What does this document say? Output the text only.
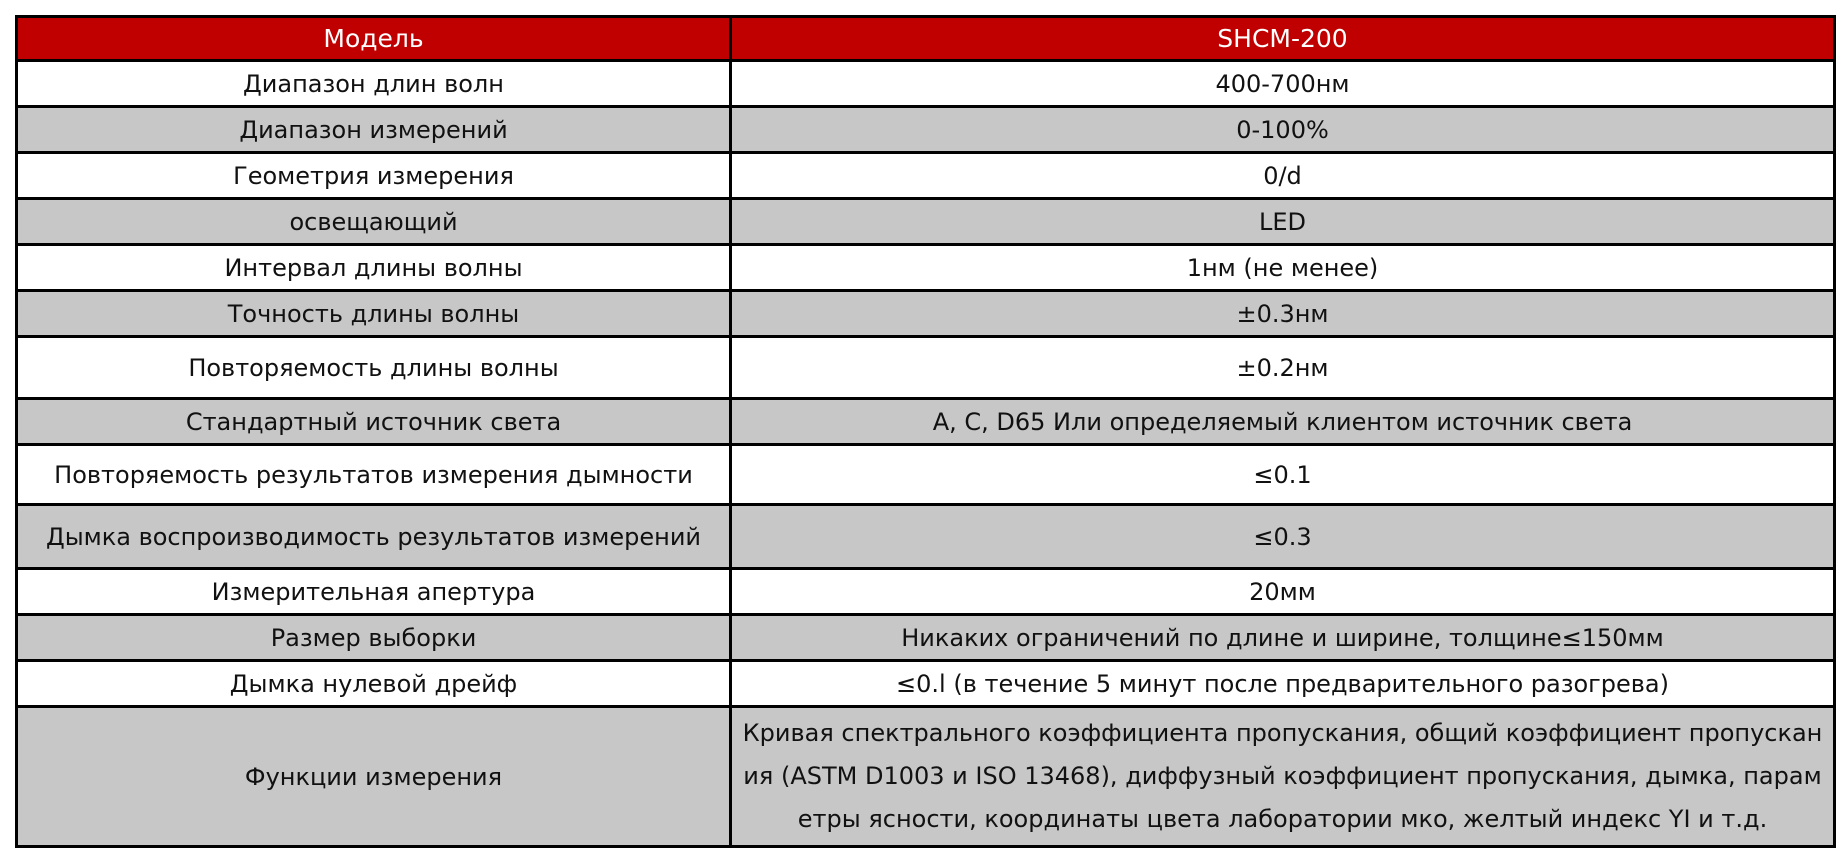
Модель	SHCM-200
Диапазон длин волн	400-700нм
Диапазон измерений	0-100%
Геометрия измерения	0/d
освещающий	LED
Интервал длины волны	1нм (не менее)
Точность длины волны	±0.3нм
Повторяемость длины волны	±0.2нм
Стандартный источник света	A, C, D65 Или определяемый клиентом источник света
Повторяемость результатов измерения дымности	≤0.1
Дымка воспроизводимость результатов измерений	≤0.3
Измерительная апертура	20мм
Размер выборки	Никаких ограничений по длине и ширине, толщине≤150мм
Дымка нулевой дрейф	≤0.l (в течение 5 минут после предварительного разогрева)
Функции измерения	Кривая спектрального коэффициента пропускания, общий коэффициент пропускания (ASTM D1003 и ISO 13468), диффузный коэффициент пропускания, дымка, параметры ясности, координаты цвета лаборатории мко, желтый индекс YI и т.д.
